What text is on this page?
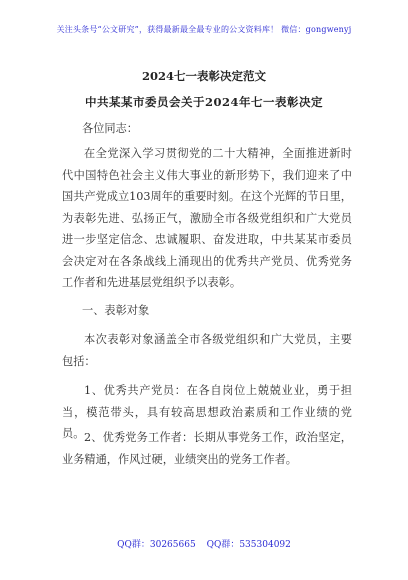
关注头条号“公文研究”，获得最新最全最专业的公文资料库！ 微信：gongwenyj
2024七一表彰决定范文
中共某某市委员会关于2024年七一表彰决定
各位同志：

在全党深入学习贯彻党的二十大精神，全面推进新时代中国特色社会主义伟大事业的新形势下，我们迎来了中国共产党成立103周年的重要时刻。在这个光辉的节日里，为表彰先进、弘扬正气，激励全市各级党组织和广大党员进一步坚定信念、忠诚履职、奋发进取，中共某某市委员会决定对在各条战线上涌现出的优秀共产党员、优秀党务工作者和先进基层党组织予以表彰。

一、表彰对象

本次表彰对象涵盖全市各级党组织和广大党员，主要包括：

1、优秀共产党员：在各自岗位上兢兢业业，勇于担当，模范带头，具有较高思想政治素质和工作业绩的党员。 2、优秀党务工作者：长期从事党务工作，政治坚定，业务精通，作风过硬，业绩突出的党务工作者。

QQ群：30265665 QQ群：535304092
